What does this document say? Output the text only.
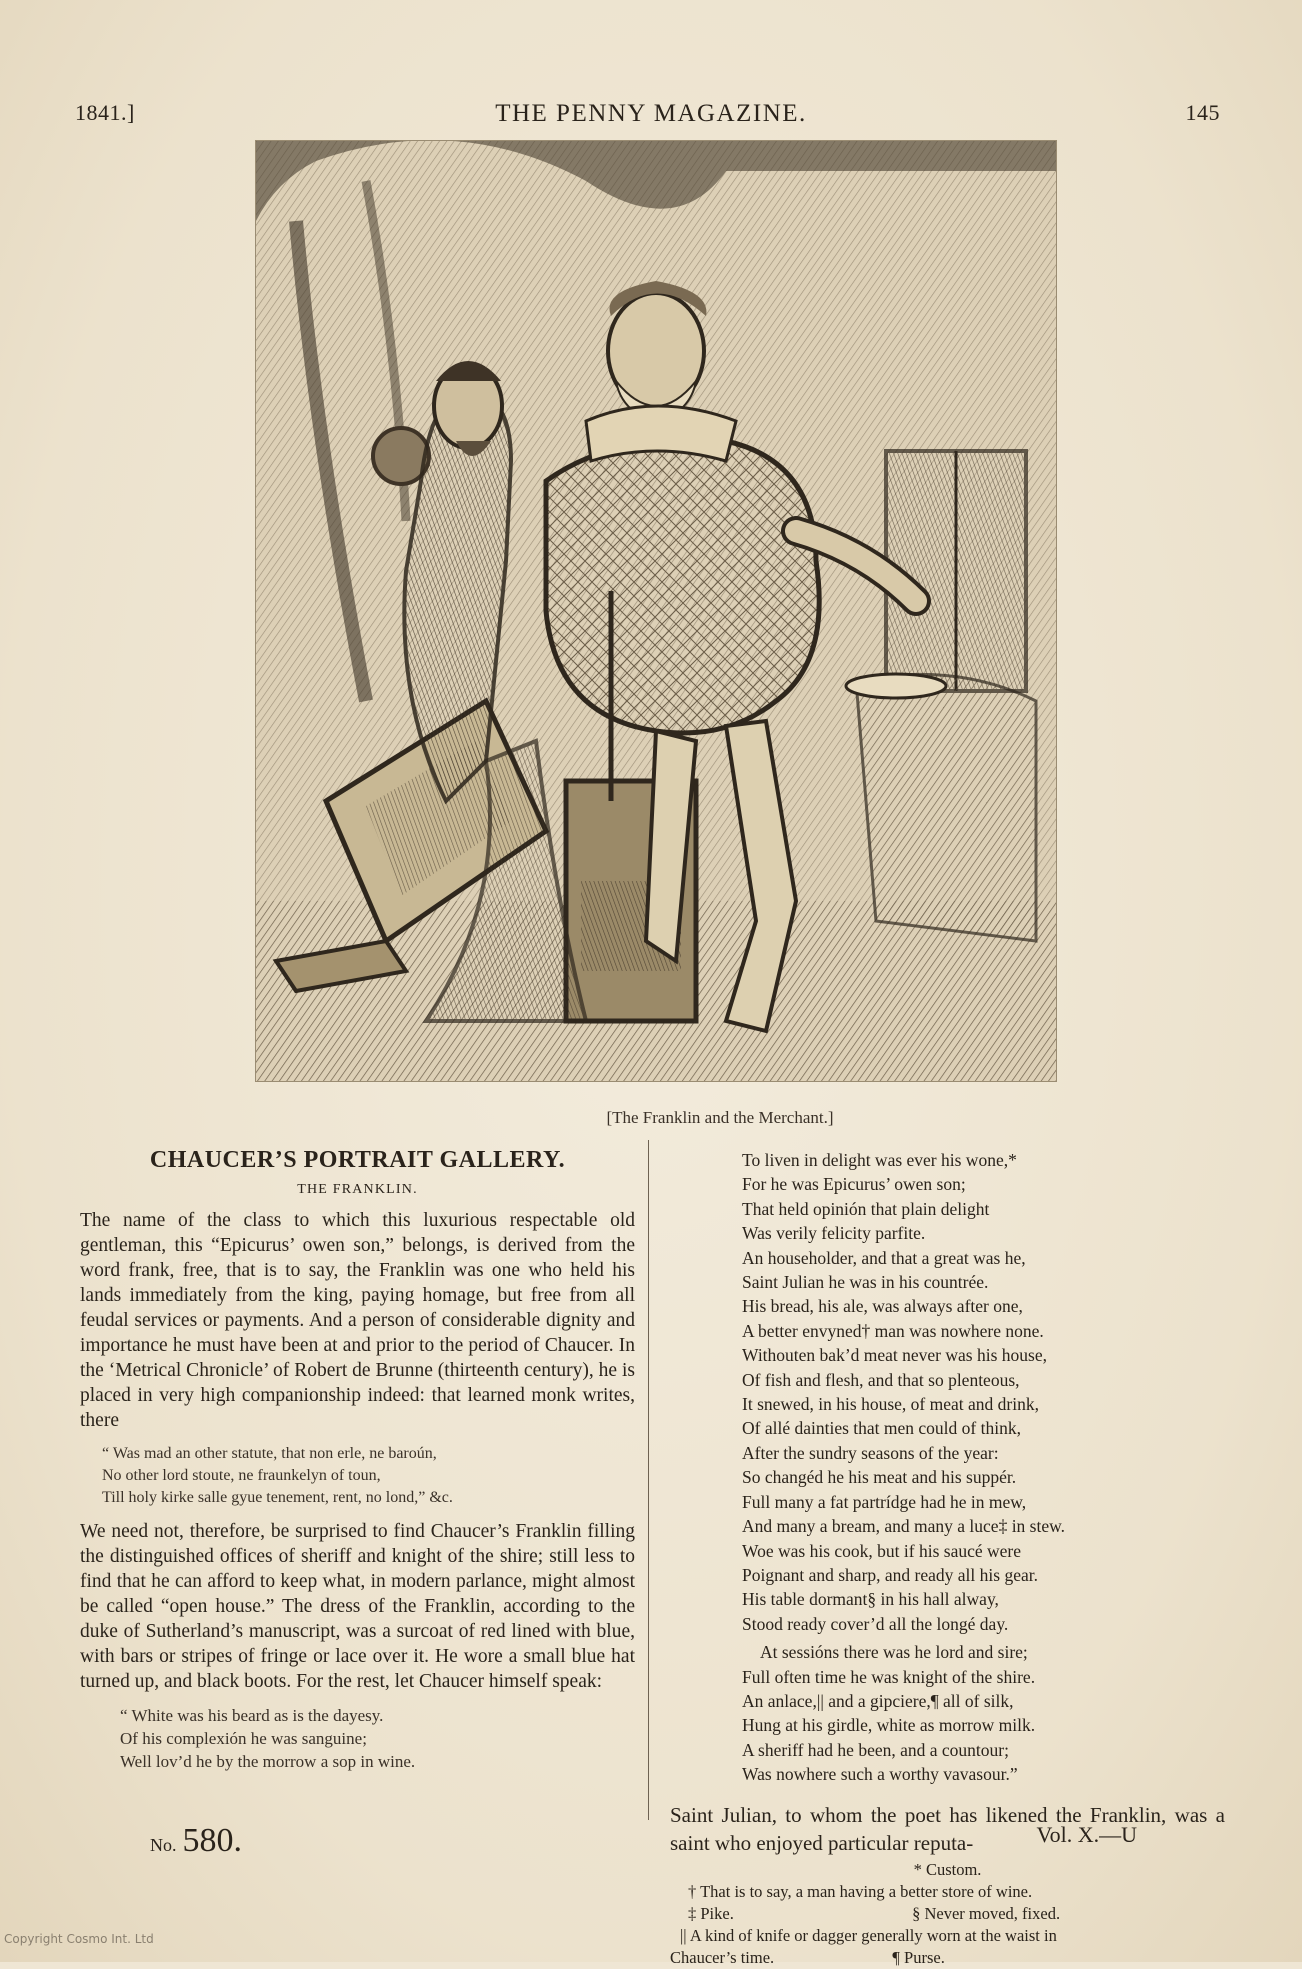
1841.]	THE PENNY MAGAZINE.	145
[The Franklin and the Merchant.]
CHAUCER’S PORTRAIT GALLERY.
THE FRANKLIN.

The name of the class to which this luxurious respectable old gentleman, this “Epicurus’ owen son,” belongs, is derived from the word frank, free, that is to say, the Franklin was one who held his lands immediately from the king, paying homage, but free from all feudal services or payments. And a person of considerable dignity and importance he must have been at and prior to the period of Chaucer. In the ‘Metrical Chronicle’ of Robert de Brunne (thirteenth century), he is placed in very high companionship indeed: that learned monk writes, there

“ Was mad an other statute, that non erle, ne baroún,
No other lord stoute, ne fraunkelyn of toun,
Till holy kirke salle gyue tenement, rent, no lond,” &c.

We need not, therefore, be surprised to find Chaucer’s Franklin filling the distinguished offices of sheriff and knight of the shire; still less to find that he can afford to keep what, in modern parlance, might almost be called “open house.” The dress of the Franklin, according to the duke of Sutherland’s manuscript, was a surcoat of red lined with blue, with bars or stripes of fringe or lace over it. He wore a small blue hat turned up, and black boots. For the rest, let Chaucer himself speak:

“ White was his beard as is the dayesy.
Of his complexión he was sanguine;
Well lov’d he by the morrow a sop in wine.
To liven in delight was ever his wone,*
For he was Epicurus’ owen son;
That held opinión that plain delight
Was verily felicity parfite.
An householder, and that a great was he,
Saint Julian he was in his countrée.
His bread, his ale, was always after one,
A better envyned† man was nowhere none.
Withouten bak’d meat never was his house,
Of fish and flesh, and that so plenteous,
It snewed, in his house, of meat and drink,
Of allé dainties that men could of think,
After the sundry seasons of the year:
So changéd he his meat and his suppér.
Full many a fat partrídge had he in mew,
And many a bream, and many a luce‡ in stew.
Woe was his cook, but if his saucé were
Poignant and sharp, and ready all his gear.
His table dormant§ in his hall alway,
Stood ready cover’d all the longé day.
At sessións there was he lord and sire;
Full often time he was knight of the shire.
An anlace,|| and a gipciere,¶ all of silk,
Hung at his girdle, white as morrow milk.
A sheriff had he been, and a countour;
Was nowhere such a worthy vavasour.”

Saint Julian, to whom the poet has likened the Franklin, was a saint who enjoyed particular reputa-

* Custom.
† That is to say, a man having a better store of wine.
‡ Pike.	§ Never moved, fixed.
|| A kind of knife or dagger generally worn at the waist in
Chaucer’s time.	¶ Purse.
No. 580.	Vol. X.—U
Copyright Cosmo Int. Ltd
